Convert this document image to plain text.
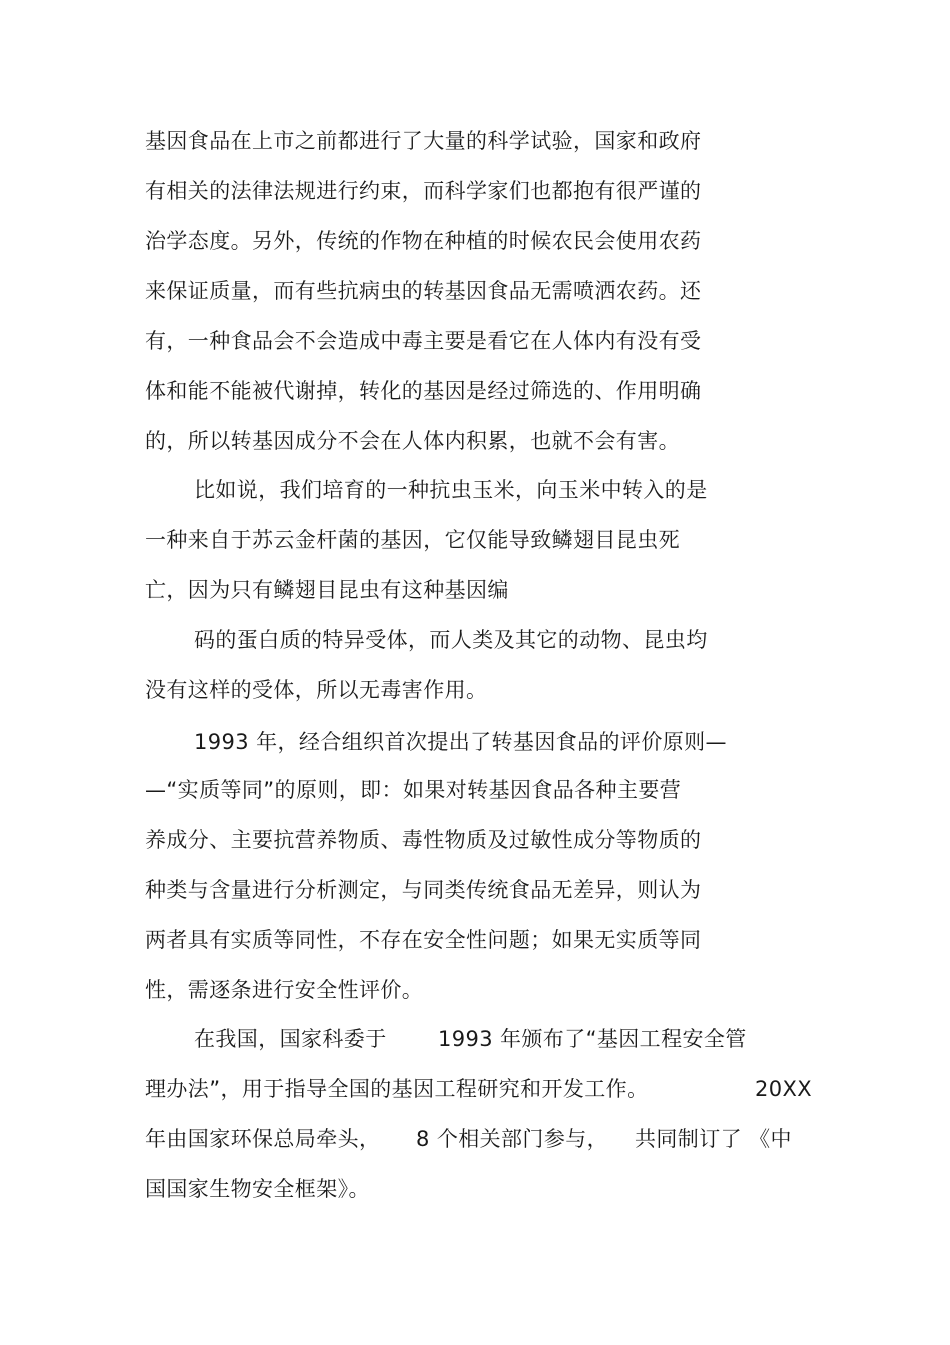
基因食品在上市之前都进行了大量的科学试验，国家和政府
有相关的法律法规进行约束，而科学家们也都抱有很严谨的
治学态度。另外，传统的作物在种植的时候农民会使用农药
来保证质量，而有些抗病虫的转基因食品无需喷洒农药。还
有，一种食品会不会造成中毒主要是看它在人体内有没有受
体和能不能被代谢掉，转化的基因是经过筛选的、作用明确
的，所以转基因成分不会在人体内积累，也就不会有害。
比如说，我们培育的一种抗虫玉米，向玉米中转入的是
一种来自于苏云金杆菌的基因，它仅能导致鳞翅目昆虫死
亡，因为只有鳞翅目昆虫有这种基因编
码的蛋白质的特异受体，而人类及其它的动物、昆虫均
没有这样的受体，所以无毒害作用。
1993 年，经合组织首次提出了转基因食品的评价原则—
—“实质等同”的原则，即：如果对转基因食品各种主要营
养成分、主要抗营养物质、毒性物质及过敏性成分等物质的
种类与含量进行分析测定，与同类传统食品无差异，则认为
两者具有实质等同性，不存在安全性问题；如果无实质等同
性，需逐条进行安全性评价。
在我国，国家科委于 1993 年颁布了“基因工程安全管
理办法”，用于指导全国的基因工程研究和开发工作。	20XX
年由国家环保总局牵头， 8 个相关部门参与， 共同制订了 《中
国国家生物安全框架》。
